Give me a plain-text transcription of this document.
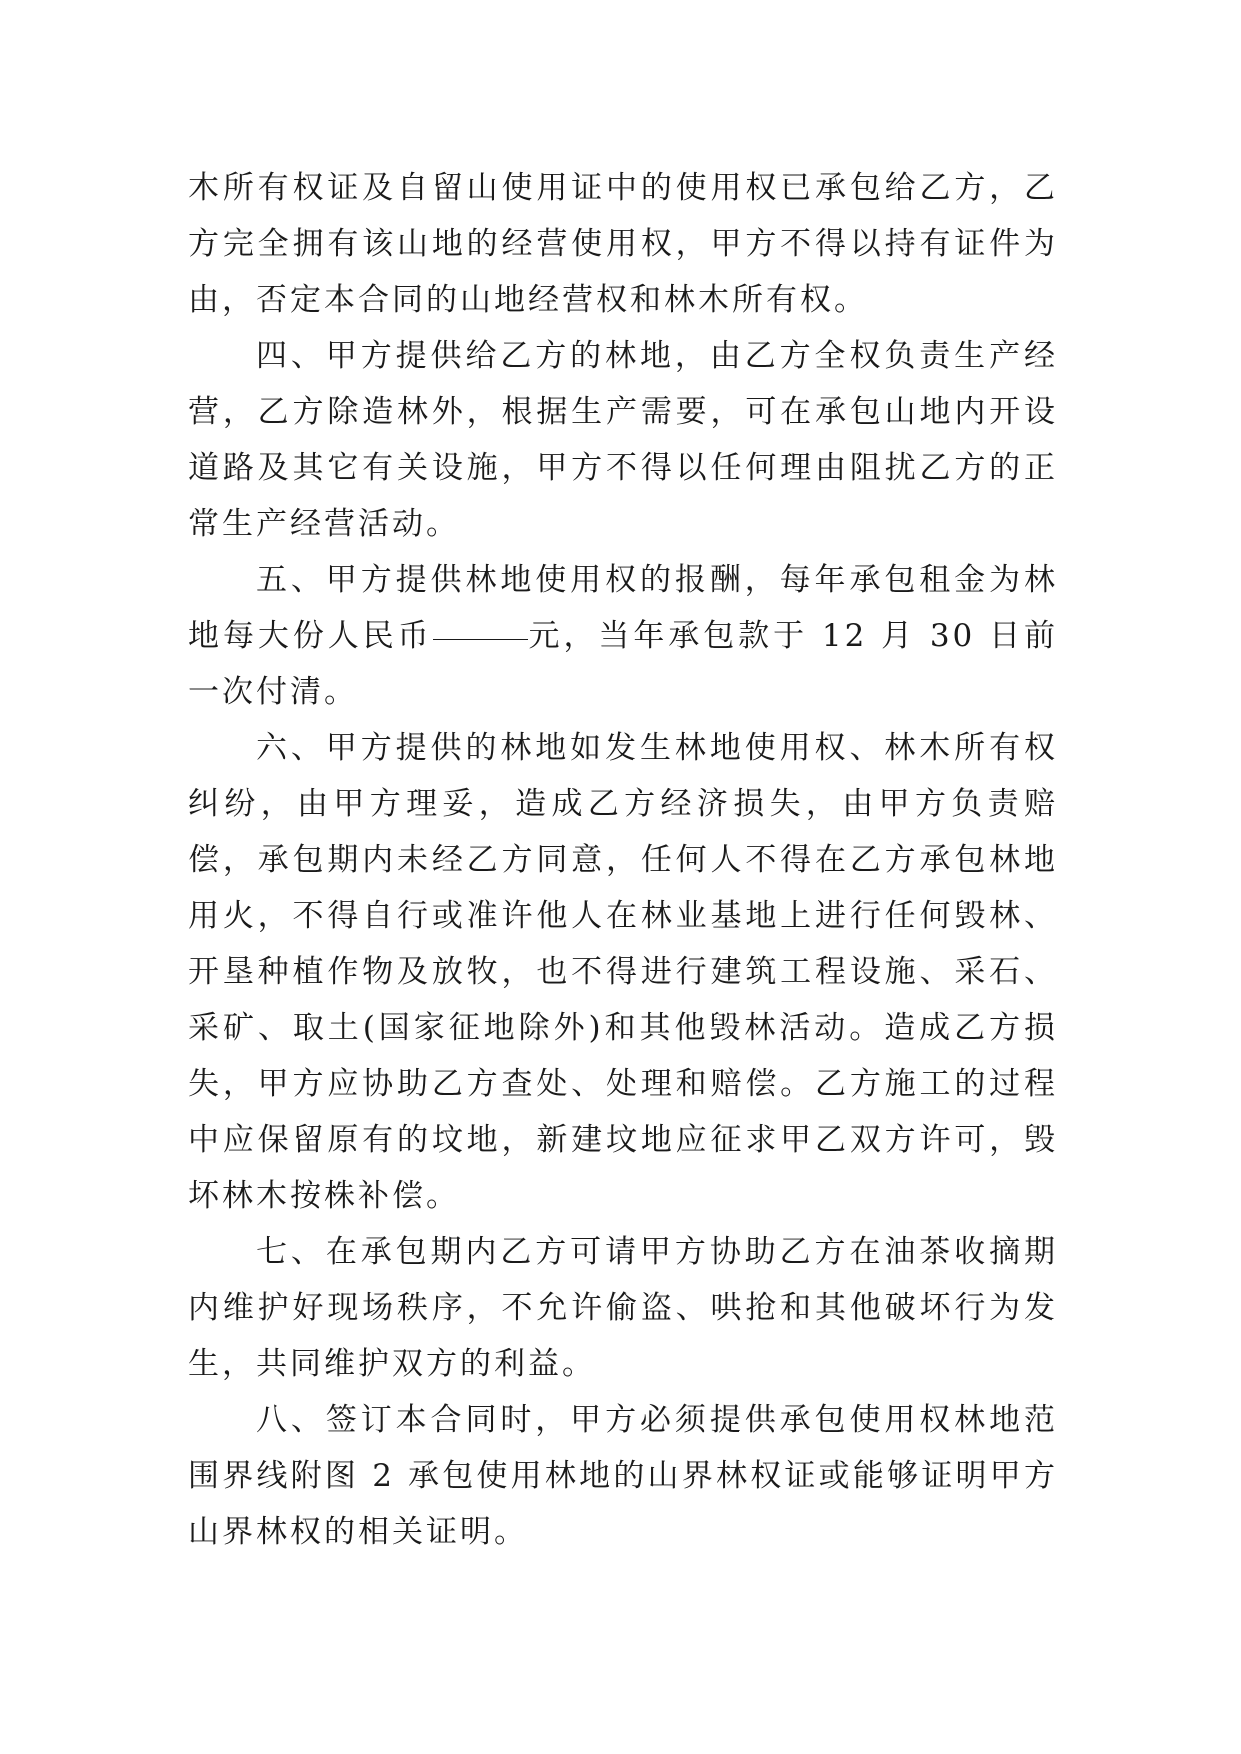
木所有权证及自留山使用证中的使用权已承包给乙方，乙方完全拥有该山地的经营使用权，甲方不得以持有证件为由，否定本合同的山地经营权和林木所有权。

四、甲方提供给乙方的林地，由乙方全权负责生产经营，乙方除造林外，根据生产需要，可在承包山地内开设道路及其它有关设施，甲方不得以任何理由阻扰乙方的正常生产经营活动。

五、甲方提供林地使用权的报酬，每年承包租金为林地每大份人民币	元，当年承包款于 12 月 30 日前一次付清。

六、甲方提供的林地如发生林地使用权、林木所有权纠纷，由甲方理妥，造成乙方经济损失，由甲方负责赔偿，承包期内未经乙方同意，任何人不得在乙方承包林地用火，不得自行或准许他人在林业基地上进行任何毁林、开垦种植作物及放牧，也不得进行建筑工程设施、采石、采矿、取土(国家征地除外)和其他毁林活动。造成乙方损失，甲方应协助乙方查处、处理和赔偿。乙方施工的过程中应保留原有的坟地，新建坟地应征求甲乙双方许可，毁坏林木按株补偿。

七、在承包期内乙方可请甲方协助乙方在油茶收摘期内维护好现场秩序，不允许偷盗、哄抢和其他破坏行为发生，共同维护双方的利益。

八、签订本合同时，甲方必须提供承包使用权林地范围界线附图 2 承包使用林地的山界林权证或能够证明甲方山界林权的相关证明。
